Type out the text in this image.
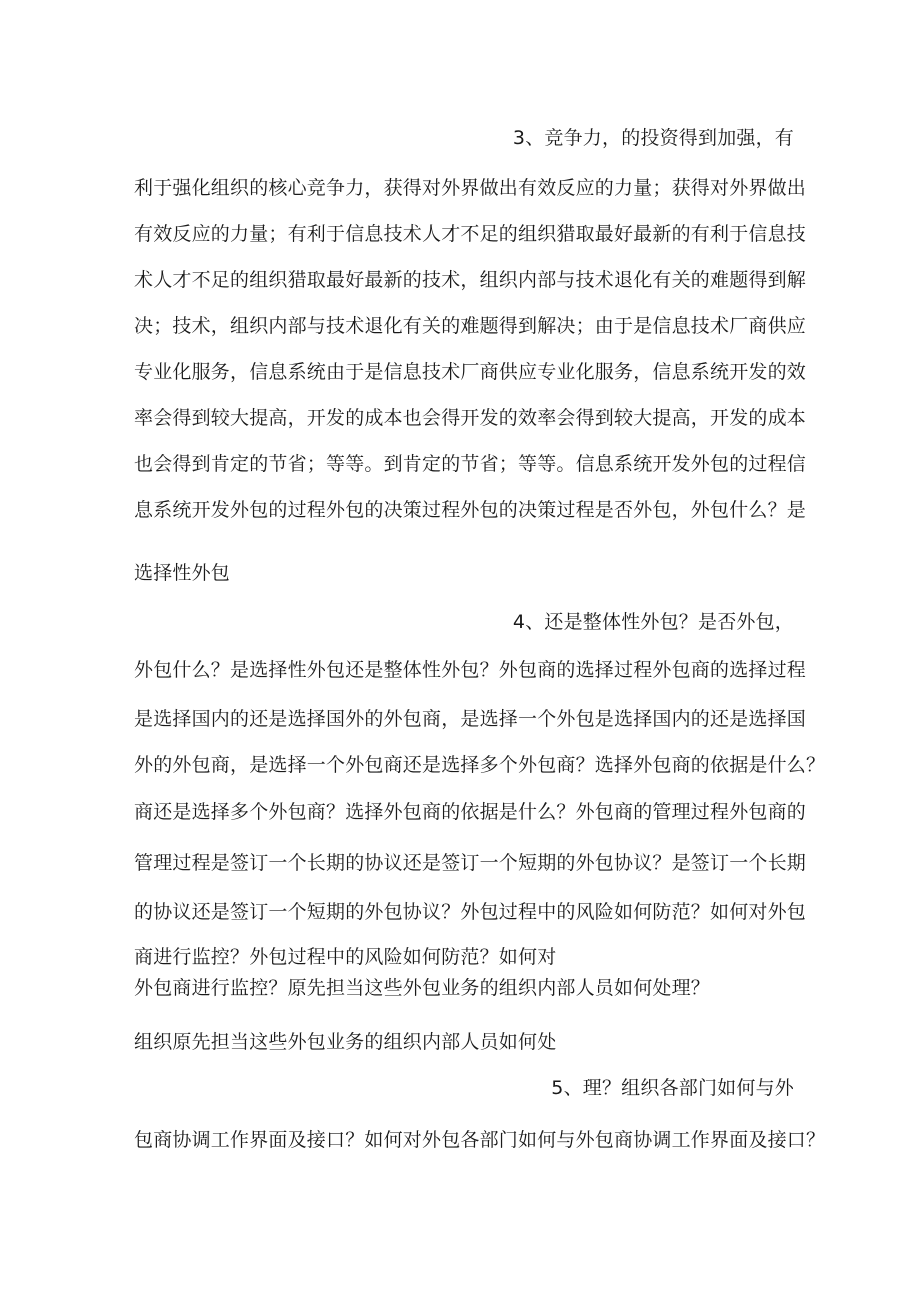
3、竞争力，的投资得到加强，有
利于强化组织的核心竞争力，获得对外界做出有效反应的力量；获得对外界做出
有效反应的力量；有利于信息技术人才不足的组织猎取最好最新的有利于信息技
术人才不足的组织猎取最好最新的技术，组织内部与技术退化有关的难题得到解
决；技术，组织内部与技术退化有关的难题得到解决；由于是信息技术厂商供应
专业化服务，信息系统由于是信息技术厂商供应专业化服务，信息系统开发的效
率会得到较大提高，开发的成本也会得开发的效率会得到较大提高，开发的成本
也会得到肯定的节省；等等。到肯定的节省；等等。信息系统开发外包的过程信
息系统开发外包的过程外包的决策过程外包的决策过程是否外包，外包什么？是
选择性外包
4、还是整体性外包？是否外包，
外包什么？是选择性外包还是整体性外包？外包商的选择过程外包商的选择过程
是选择国内的还是选择国外的外包商，是选择一个外包是选择国内的还是选择国
外的外包商，是选择一个外包商还是选择多个外包商？选择外包商的依据是什么？
商还是选择多个外包商？选择外包商的依据是什么？外包商的管理过程外包商的
管理过程是签订一个长期的协议还是签订一个短期的外包协议？是签订一个长期
的协议还是签订一个短期的外包协议？外包过程中的风险如何防范？如何对外包
商进行监控？外包过程中的风险如何防范？如何对
外包商进行监控？原先担当这些外包业务的组织内部人员如何处理？
组织原先担当这些外包业务的组织内部人员如何处
5、理？组织各部门如何与外
包商协调工作界面及接口？如何对外包各部门如何与外包商协调工作界面及接口？
